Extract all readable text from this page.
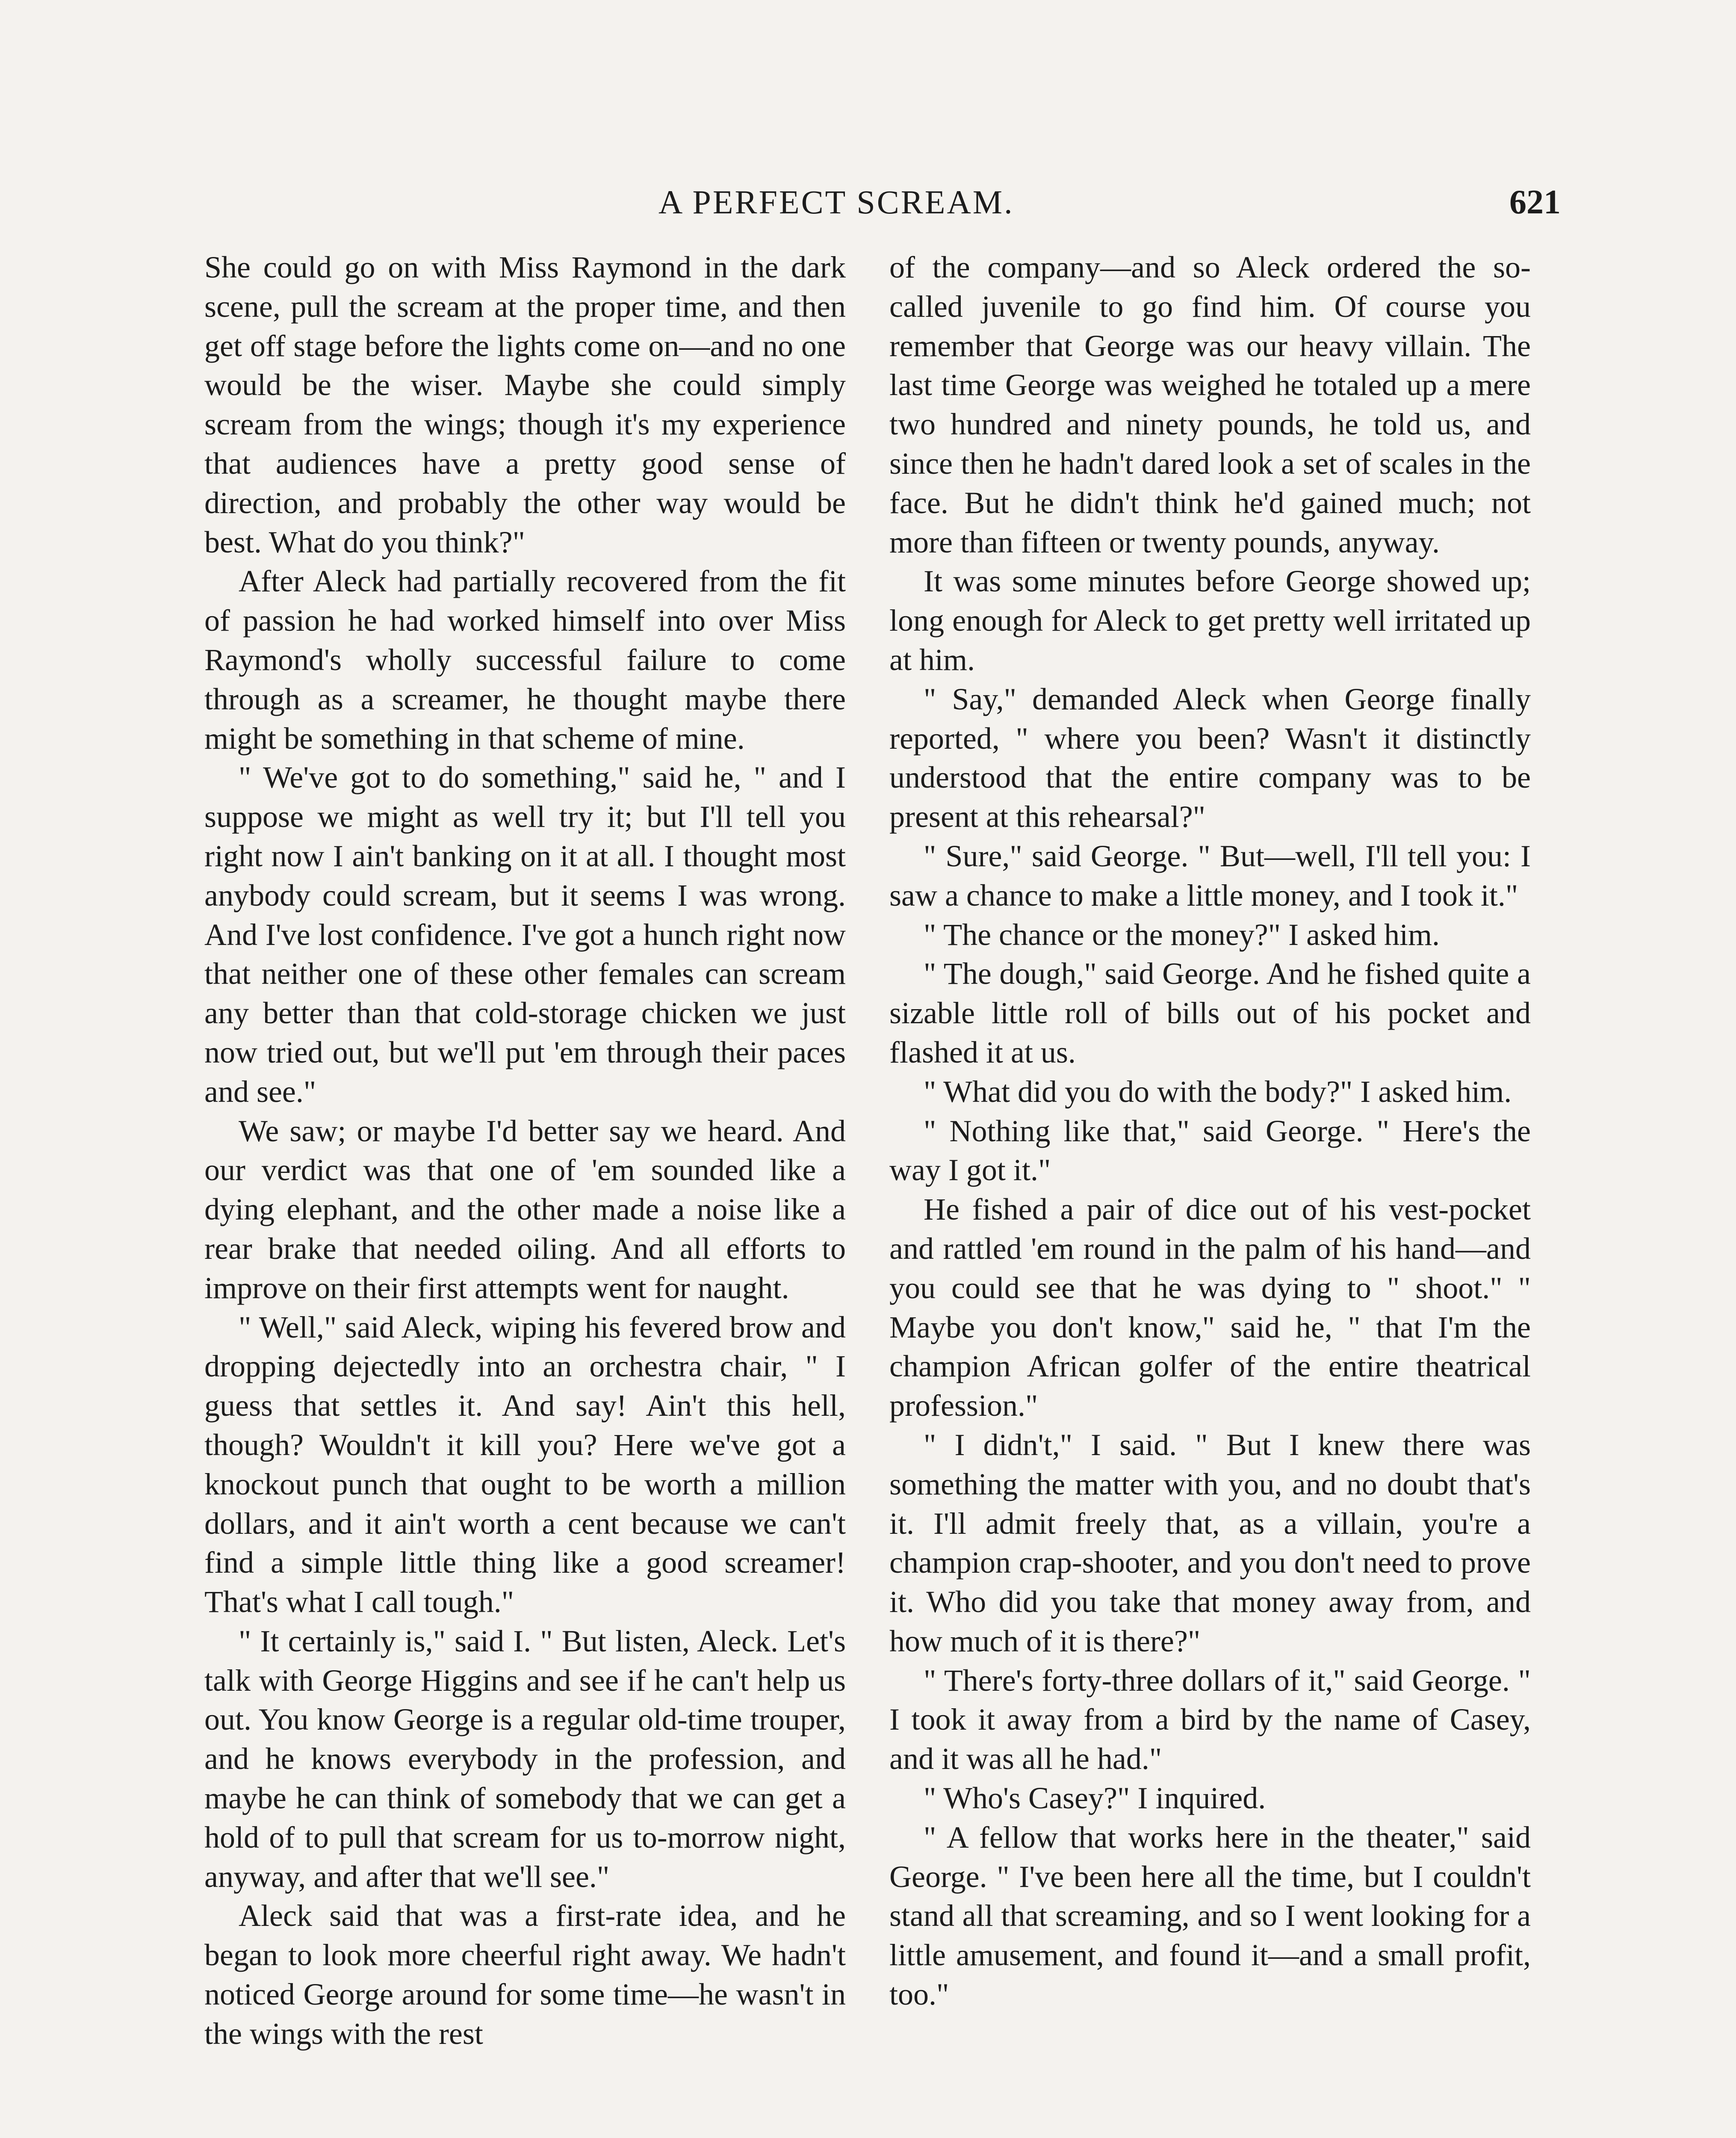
A PERFECT SCREAM.	621

She could go on with Miss Raymond in the dark scene, pull the scream at the proper time, and then get off stage before the lights come on—and no one would be the wiser. Maybe she could simply scream from the wings; though it's my experience that audiences have a pretty good sense of direction, and probably the other way would be best. What do you think?"

After Aleck had partially recovered from the fit of passion he had worked himself into over Miss Raymond's wholly successful failure to come through as a screamer, he thought maybe there might be something in that scheme of mine.

" We've got to do something," said he, " and I suppose we might as well try it; but I'll tell you right now I ain't banking on it at all. I thought most anybody could scream, but it seems I was wrong. And I've lost confidence. I've got a hunch right now that neither one of these other females can scream any better than that cold-storage chicken we just now tried out, but we'll put 'em through their paces and see."

We saw; or maybe I'd better say we heard. And our verdict was that one of 'em sounded like a dying elephant, and the other made a noise like a rear brake that needed oiling. And all efforts to improve on their first attempts went for naught.

" Well," said Aleck, wiping his fevered brow and dropping dejectedly into an orchestra chair, " I guess that settles it. And say! Ain't this hell, though? Wouldn't it kill you? Here we've got a knockout punch that ought to be worth a million dollars, and it ain't worth a cent because we can't find a simple little thing like a good screamer! That's what I call tough."

" It certainly is," said I. " But listen, Aleck. Let's talk with George Higgins and see if he can't help us out. You know George is a regular old-time trouper, and he knows everybody in the profession, and maybe he can think of somebody that we can get a hold of to pull that scream for us to-morrow night, anyway, and after that we'll see."

Aleck said that was a first-rate idea, and he began to look more cheerful right away. We hadn't noticed George around for some time—he wasn't in the wings with the rest

of the company—and so Aleck ordered the so-called juvenile to go find him. Of course you remember that George was our heavy villain. The last time George was weighed he totaled up a mere two hundred and ninety pounds, he told us, and since then he hadn't dared look a set of scales in the face. But he didn't think he'd gained much; not more than fifteen or twenty pounds, anyway.

It was some minutes before George showed up; long enough for Aleck to get pretty well irritated up at him.

" Say," demanded Aleck when George finally reported, " where you been? Wasn't it distinctly understood that the entire company was to be present at this rehearsal?"

" Sure," said George. " But—well, I'll tell you: I saw a chance to make a little money, and I took it."

" The chance or the money?" I asked him.

" The dough," said George. And he fished quite a sizable little roll of bills out of his pocket and flashed it at us.

" What did you do with the body?" I asked him.

" Nothing like that," said George. " Here's the way I got it."

He fished a pair of dice out of his vest-pocket and rattled 'em round in the palm of his hand—and you could see that he was dying to " shoot." " Maybe you don't know," said he, " that I'm the champion African golfer of the entire theatrical profession."

" I didn't," I said. " But I knew there was something the matter with you, and no doubt that's it. I'll admit freely that, as a villain, you're a champion crap-shooter, and you don't need to prove it. Who did you take that money away from, and how much of it is there?"

" There's forty-three dollars of it," said George. " I took it away from a bird by the name of Casey, and it was all he had."

" Who's Casey?" I inquired.

" A fellow that works here in the theater," said George. " I've been here all the time, but I couldn't stand all that screaming, and so I went looking for a little amusement, and found it—and a small profit, too."
